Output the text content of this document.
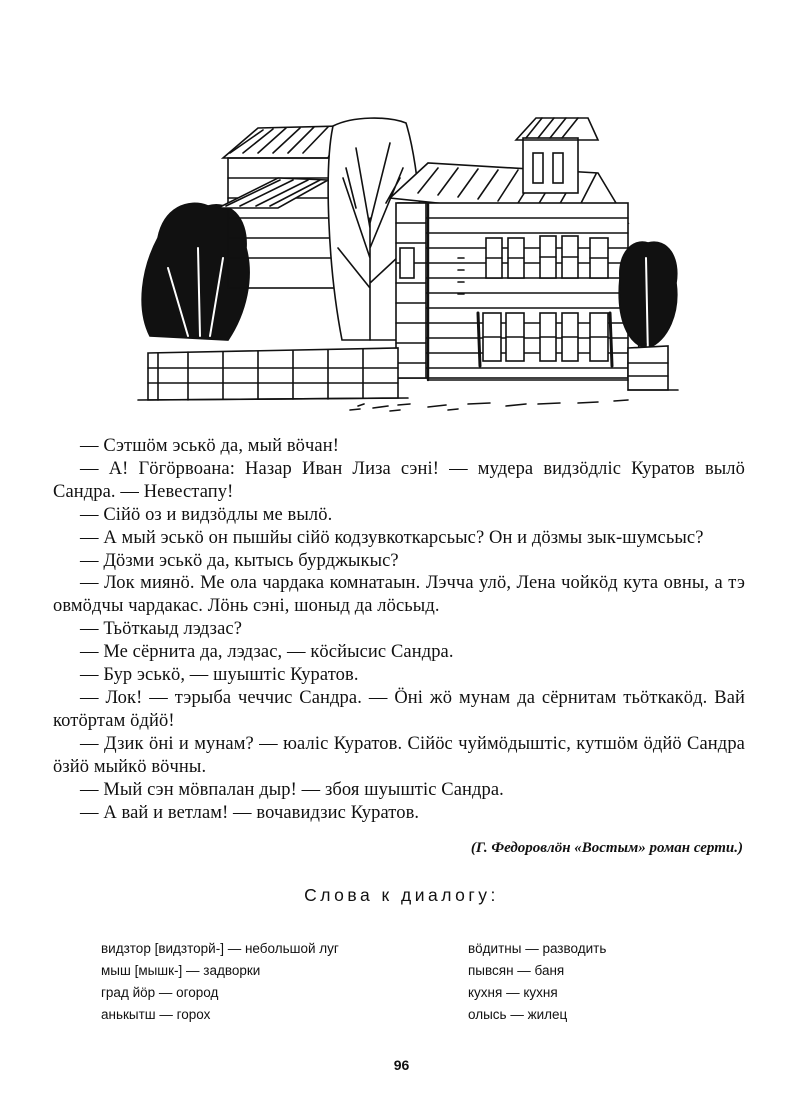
— Сэтшӧм эськӧ да, мый вӧчан!

— А! Гӧгӧрвоана: Назар Иван Лиза сэнi! — мудера видзӧдлiс Куратов вылӧ Сандра. — Невестапу!

— Сiйӧ оз и видзӧдлы ме вылӧ.

— А мый эськӧ он пышйы сiйӧ кодзувкоткарсьыс? Он и дӧзмы зык-шумсьыс?

— Дӧзми эськӧ да, кытысь бурджыкыс?

— Лок миянӧ. Ме ола чардака комнатаын. Лэчча улӧ, Лена чойкӧд кута овны, а тэ овмӧдчы чардакас. Лӧнь сэнi, шоныд да лӧсьыд.

— Тьӧткаыд лэдзас?

— Ме сёрнита да, лэдзас, — кӧсйысис Сандра.

— Бур эськӧ, — шуыштiс Куратов.

— Лок! — тэрыба чеччис Сандра. — Ӧнi жӧ мунам да сёрнитам тьӧткакӧд. Вай котӧртам ӧдйӧ!

— Дзик ӧнi и мунам? — юалiс Куратов. Сiйӧс чуймӧдыштiс, кутшӧм ӧдйӧ Сандра ӧзйӧ мыйкӧ вӧчны.

— Мый сэн мӧвпалан дыр! — збоя шуыштiс Сандра.

— А вай и ветлам! — вочавидзис Куратов.

(Г. Федоровлӧн «Востым» роман серти.)
Слова к диалогу:
видзтор [видзторй-] — небольшой луг
мыш [мышк-] — задворки
град йӧр — огород
анькытш — горох
вӧдитны — разводить
пывсян — баня
кухня — кухня
олысь — жилец
96
